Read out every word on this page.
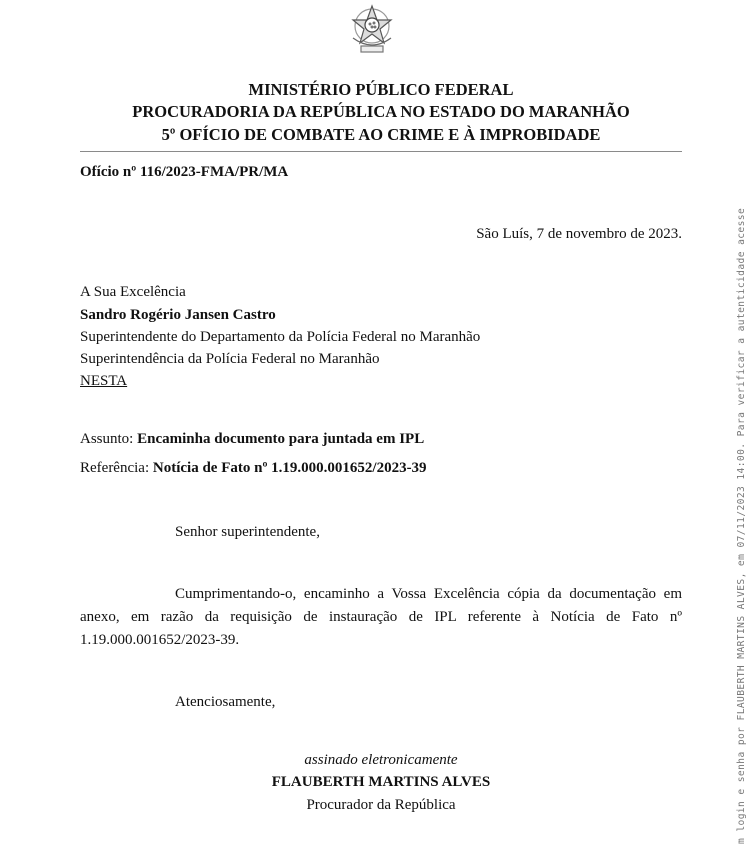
MINISTÉRIO PÚBLICO FEDERAL
PROCURADORIA DA REPÚBLICA NO ESTADO DO MARANHÃO
5º OFÍCIO DE COMBATE AO CRIME E À IMPROBIDADE
Ofício nº 116/2023-FMA/PR/MA
São Luís, 7 de novembro de 2023.
A Sua Excelência
Sandro Rogério Jansen Castro
Superintendente do Departamento da Polícia Federal no Maranhão
Superintendência da Polícia Federal no Maranhão
NESTA
Assunto: Encaminha documento para juntada em IPL
Referência: Notícia de Fato nº 1.19.000.001652/2023-39
Senhor superintendente,
Cumprimentando-o, encaminho a Vossa Excelência cópia da documentação em anexo, em razão da requisição de instauração de IPL referente à Notícia de Fato nº 1.19.000.001652/2023-39.
Atenciosamente,
assinado eletronicamente
FLAUBERTH MARTINS ALVES
Procurador da República	m login e senha por FLAUBERTH MARTINS ALVES, em 07/11/2023 14:00. Para verificar a autenticidade acesse
